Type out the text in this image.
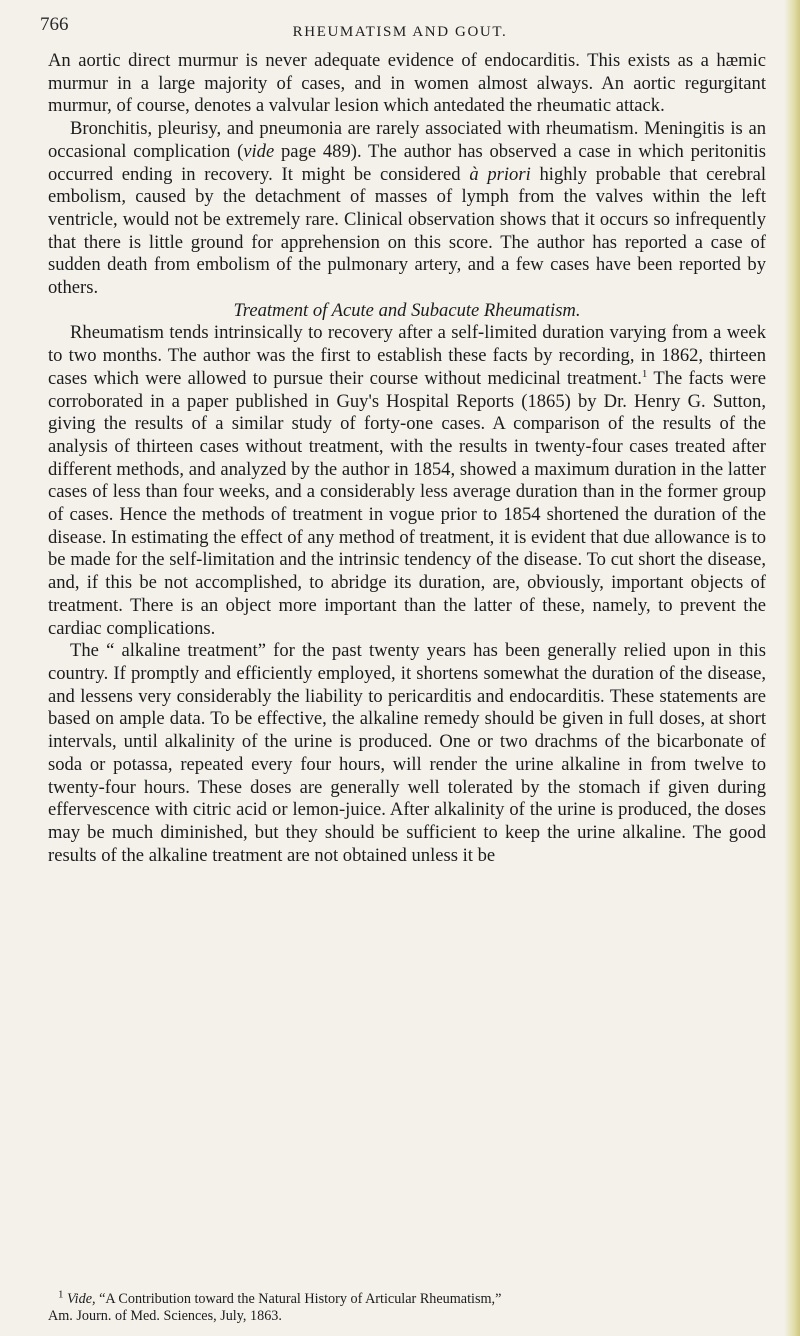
766	RHEUMATISM AND GOUT.

An aortic direct murmur is never adequate evidence of endocarditis. This exists as a hæmic murmur in a large majority of cases, and in women almost always. An aortic regurgitant murmur, of course, denotes a valvular lesion which antedated the rheumatic attack.

Bronchitis, pleurisy, and pneumonia are rarely associated with rheumatism. Meningitis is an occasional complication (vide page 489). The author has observed a case in which peritonitis occurred ending in recovery. It might be considered à priori highly probable that cerebral embolism, caused by the detachment of masses of lymph from the valves within the left ventricle, would not be extremely rare. Clinical observation shows that it occurs so infrequently that there is little ground for apprehension on this score. The author has reported a case of sudden death from embolism of the pulmonary artery, and a few cases have been reported by others.

Treatment of Acute and Subacute Rheumatism.

Rheumatism tends intrinsically to recovery after a self-limited duration varying from a week to two months. The author was the first to establish these facts by recording, in 1862, thirteen cases which were allowed to pursue their course without medicinal treatment.$^1$ The facts were corroborated in a paper published in Guy's Hospital Reports (1865) by Dr. Henry G. Sutton, giving the results of a similar study of forty-one cases. A comparison of the results of the analysis of thirteen cases without treatment, with the results in twenty-four cases treated after different methods, and analyzed by the author in 1854, showed a maximum duration in the latter cases of less than four weeks, and a considerably less average duration than in the former group of cases. Hence the methods of treatment in vogue prior to 1854 shortened the duration of the disease. In estimating the effect of any method of treatment, it is evident that due allowance is to be made for the self-limitation and the intrinsic tendency of the disease. To cut short the disease, and, if this be not accomplished, to abridge its duration, are, obviously, important objects of treatment. There is an object more important than the latter of these, namely, to prevent the cardiac complications.

The “ alkaline treatment” for the past twenty years has been generally relied upon in this country. If promptly and efficiently employed, it shortens somewhat the duration of the disease, and lessens very considerably the liability to pericarditis and endocarditis. These statements are based on ample data. To be effective, the alkaline remedy should be given in full doses, at short intervals, until alkalinity of the urine is produced. One or two drachms of the bicarbonate of soda or potassa, repeated every four hours, will render the urine alkaline in from twelve to twenty-four hours. These doses are generally well tolerated by the stomach if given during effervescence with citric acid or lemon-juice. After alkalinity of the urine is produced, the doses may be much diminished, but they should be sufficient to keep the urine alkaline. The good results of the alkaline treatment are not obtained unless it be

$^1$ Vide, “A Contribution toward the Natural History of Articular Rheumatism,”

Am. Journ. of Med. Sciences, July, 1863.
